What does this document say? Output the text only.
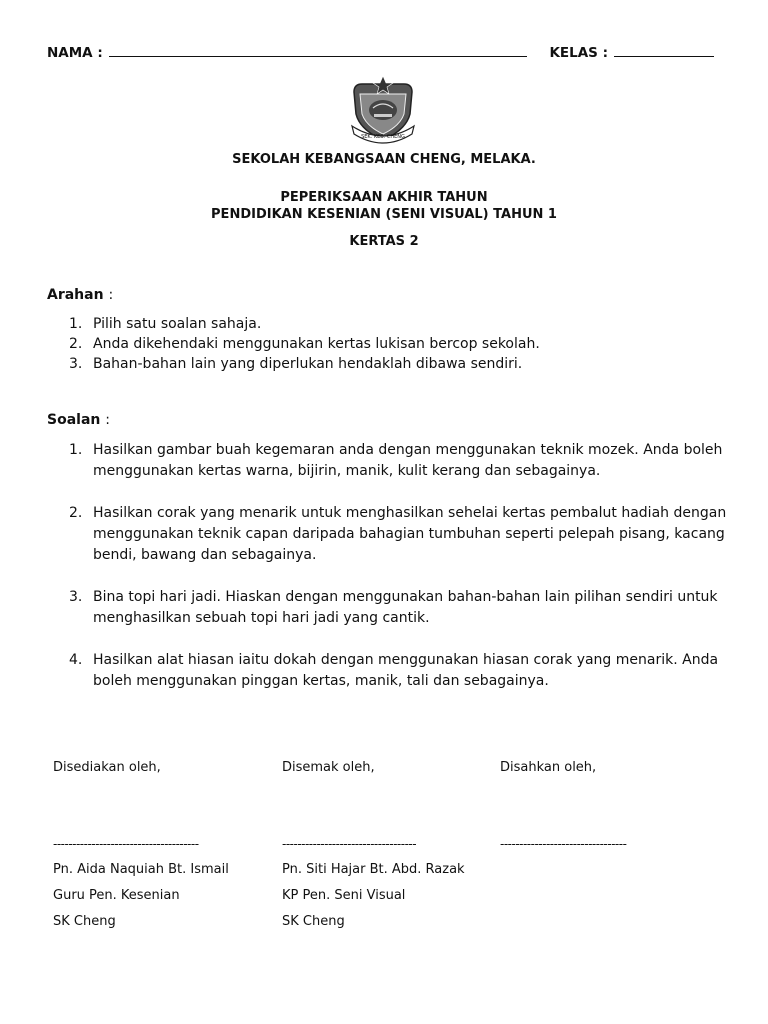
NAMA :	KELAS :
SEK. KEB. CHENG
SEKOLAH KEBANGSAAN CHENG, MELAKA.
PEPERIKSAAN AKHIR TAHUN
PENDIDIKAN KESENIAN (SENI VISUAL) TAHUN 1
KERTAS 2
Arahan :
1. Pilih satu soalan sahaja.
2. Anda dikehendaki menggunakan kertas lukisan bercop sekolah.
3. Bahan-bahan lain yang diperlukan hendaklah dibawa sendiri.
Soalan :
1. Hasilkan gambar buah kegemaran anda dengan menggunakan teknik mozek. Anda boleh menggunakan kertas warna, bijirin, manik, kulit kerang dan sebagainya.
2. Hasilkan corak yang menarik untuk menghasilkan sehelai kertas pembalut hadiah dengan menggunakan teknik capan daripada bahagian tumbuhan seperti pelepah pisang, kacang bendi, bawang dan sebagainya.
3. Bina topi hari jadi. Hiaskan dengan menggunakan bahan-bahan lain pilihan sendiri untuk menghasilkan sebuah topi hari jadi yang cantik.
4. Hasilkan alat hiasan iaitu dokah dengan menggunakan hiasan corak yang menarik. Anda boleh menggunakan pinggan kertas, manik, tali dan sebagainya.
Disediakan oleh,
--------------------------------------
Pn. Aida Naquiah Bt. Ismail
Guru Pen. Kesenian
SK Cheng
Disemak oleh,
-----------------------------------
Pn. Siti Hajar Bt. Abd. Razak
KP Pen. Seni Visual
SK Cheng
Disahkan oleh,
---------------------------------
